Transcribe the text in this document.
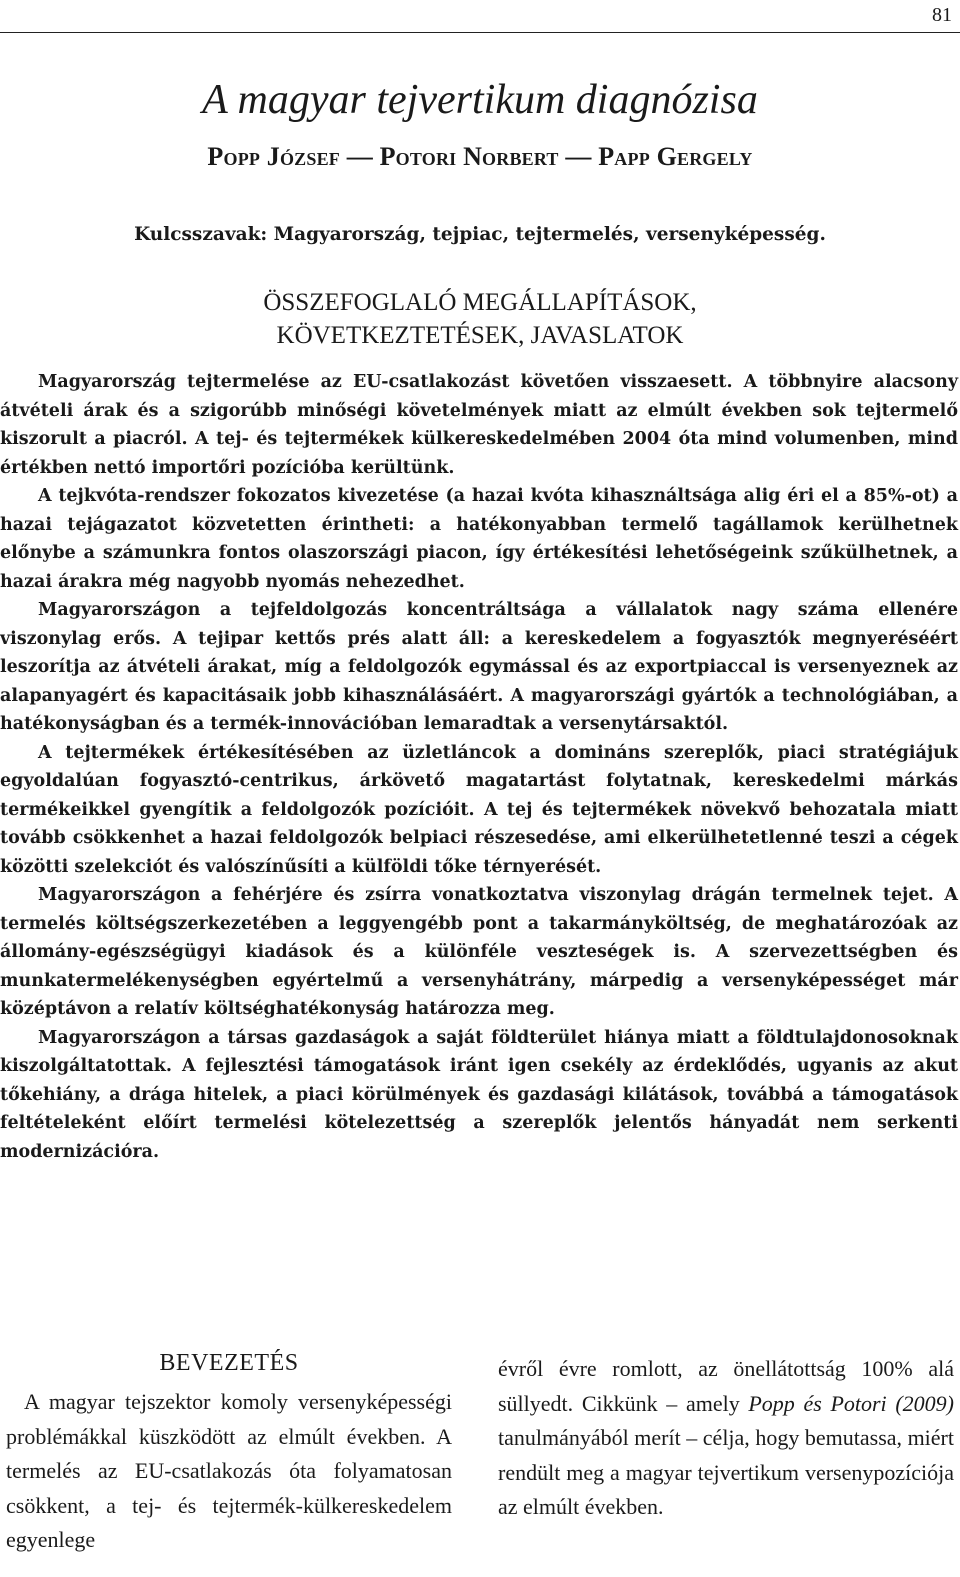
81
A magyar tejvertikum diagnózisa
Popp József — Potori Norbert — Papp Gergely
Kulcsszavak: Magyarország, tejpiac, tejtermelés, versenyképesség.
ÖSSZEFOGLALÓ MEGÁLLAPÍTÁSOK,
KÖVETKEZTETÉSEK, JAVASLATOK

Magyarország tejtermelése az EU-csatlakozást követően visszaesett. A többnyire alacsony átvételi árak és a szigorúbb minőségi követelmények miatt az elmúlt években sok tejtermelő kiszorult a piacról. A tej- és tejtermékek külkereskedelmében 2004 óta mind volumenben, mind értékben nettó importőri pozícióba kerültünk.

A tejkvóta-rendszer fokozatos kivezetése (a hazai kvóta kihasználtsága alig éri el a 85%-ot) a hazai tejágazatot közvetetten érintheti: a hatékonyabban termelő tagállamok kerülhetnek előnybe a számunkra fontos olaszországi piacon, így értékesítési lehetőségeink szűkülhetnek, a hazai árakra még nagyobb nyomás nehezedhet.

Magyarországon a tejfeldolgozás koncentráltsága a vállalatok nagy száma ellenére viszonylag erős. A tejipar kettős prés alatt áll: a kereskedelem a fogyasztók megnyeréséért leszorítja az átvételi árakat, míg a feldolgozók egymással és az exportpiaccal is versenyeznek az alapanyagért és kapacitásaik jobb kihasználásáért. A magyarországi gyártók a technológiában, a hatékonyságban és a termék-innovációban lemaradtak a versenytársaktól.

A tejtermékek értékesítésében az üzletláncok a domináns szereplők, piaci stratégiájuk egyoldalúan fogyasztó-centrikus, árkövető magatartást folytatnak, kereskedelmi márkás termékeikkel gyengítik a feldolgozók pozícióit. A tej és tejtermékek növekvő behozatala miatt tovább csökkenhet a hazai feldolgozók belpiaci részesedése, ami elkerülhetetlenné teszi a cégek közötti szelekciót és valószínűsíti a külföldi tőke térnyerését.

Magyarországon a fehérjére és zsírra vonatkoztatva viszonylag drágán termelnek tejet. A termelés költségszerkezetében a leggyengébb pont a takarmányköltség, de meghatározóak az állomány-egészségügyi kiadások és a különféle veszteségek is. A szervezettségben és munkatermelékenységben egyértelmű a versenyhátrány, márpedig a versenyképességet már középtávon a relatív költséghatékonyság határozza meg.

Magyarországon a társas gazdaságok a saját földterület hiánya miatt a földtulajdonosoknak kiszolgáltatottak. A fejlesztési támogatások iránt igen csekély az érdeklődés, ugyanis az akut tőkehiány, a drága hitelek, a piaci körülmények és gazdasági kilátások, továbbá a támogatások feltételeként előírt termelési kötelezettség a szereplők jelentős hányadát nem serkenti modernizációra.

BEVEZETÉS

A magyar tejszektor komoly versenyképességi problémákkal küszködött az elmúlt években. A termelés az EU-csatlakozás óta folyamatosan csökkent, a tej- és tejtermék-külkereskedelem egyenlege

évről évre romlott, az önellátottság 100% alá süllyedt. Cikkünk – amely Popp és Potori (2009) tanulmányából merít – célja, hogy bemutassa, miért rendült meg a magyar tejvertikum versenypozíciója az elmúlt években.
